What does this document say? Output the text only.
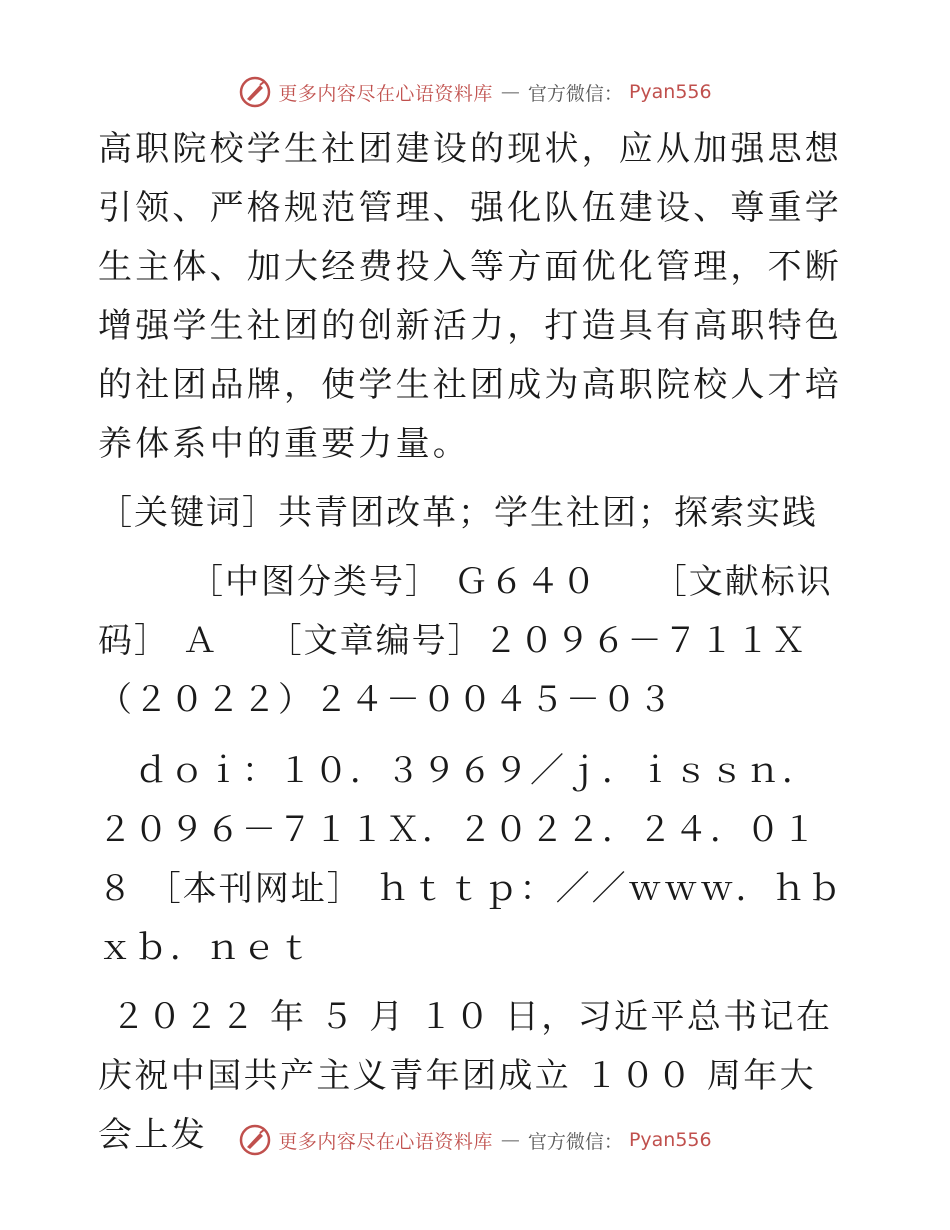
更多内容尽在心语资料库 — 官方微信： Pyan556

高职院校学生社团建设的现状，应从加强思想引领、严格规范管理、强化队伍建设、尊重学生主体、加大经费投入等方面优化管理，不断增强学生社团的创新活力，打造具有高职特色的社团品牌，使学生社团成为高职院校人才培养体系中的重要力量。

［关键词］共青团改革；学生社团；探索实践

　　　［中图分类号］ Ｇ６４０　　［文献标识码］ Ａ　 ［文章编号］２０９６－７１１Ｘ（２０２２）２４－００４５－０３

　ｄｏｉ：１０．３９６９／ｊ．ｉｓｓｎ．２０９６－７１１Ｘ．２０２２．２４．０１８ ［本刊网址］ ｈｔｔｐ：／／ｗｗｗ．ｈｂｘｂ．ｎｅｔ

２０２２ 年 ５ 月 １０ 日，习近平总书记在庆祝中国共产主义青年团成立 １００ 周年大会上发	更多内容尽在心语资料库 — 官方微信： Pyan556
